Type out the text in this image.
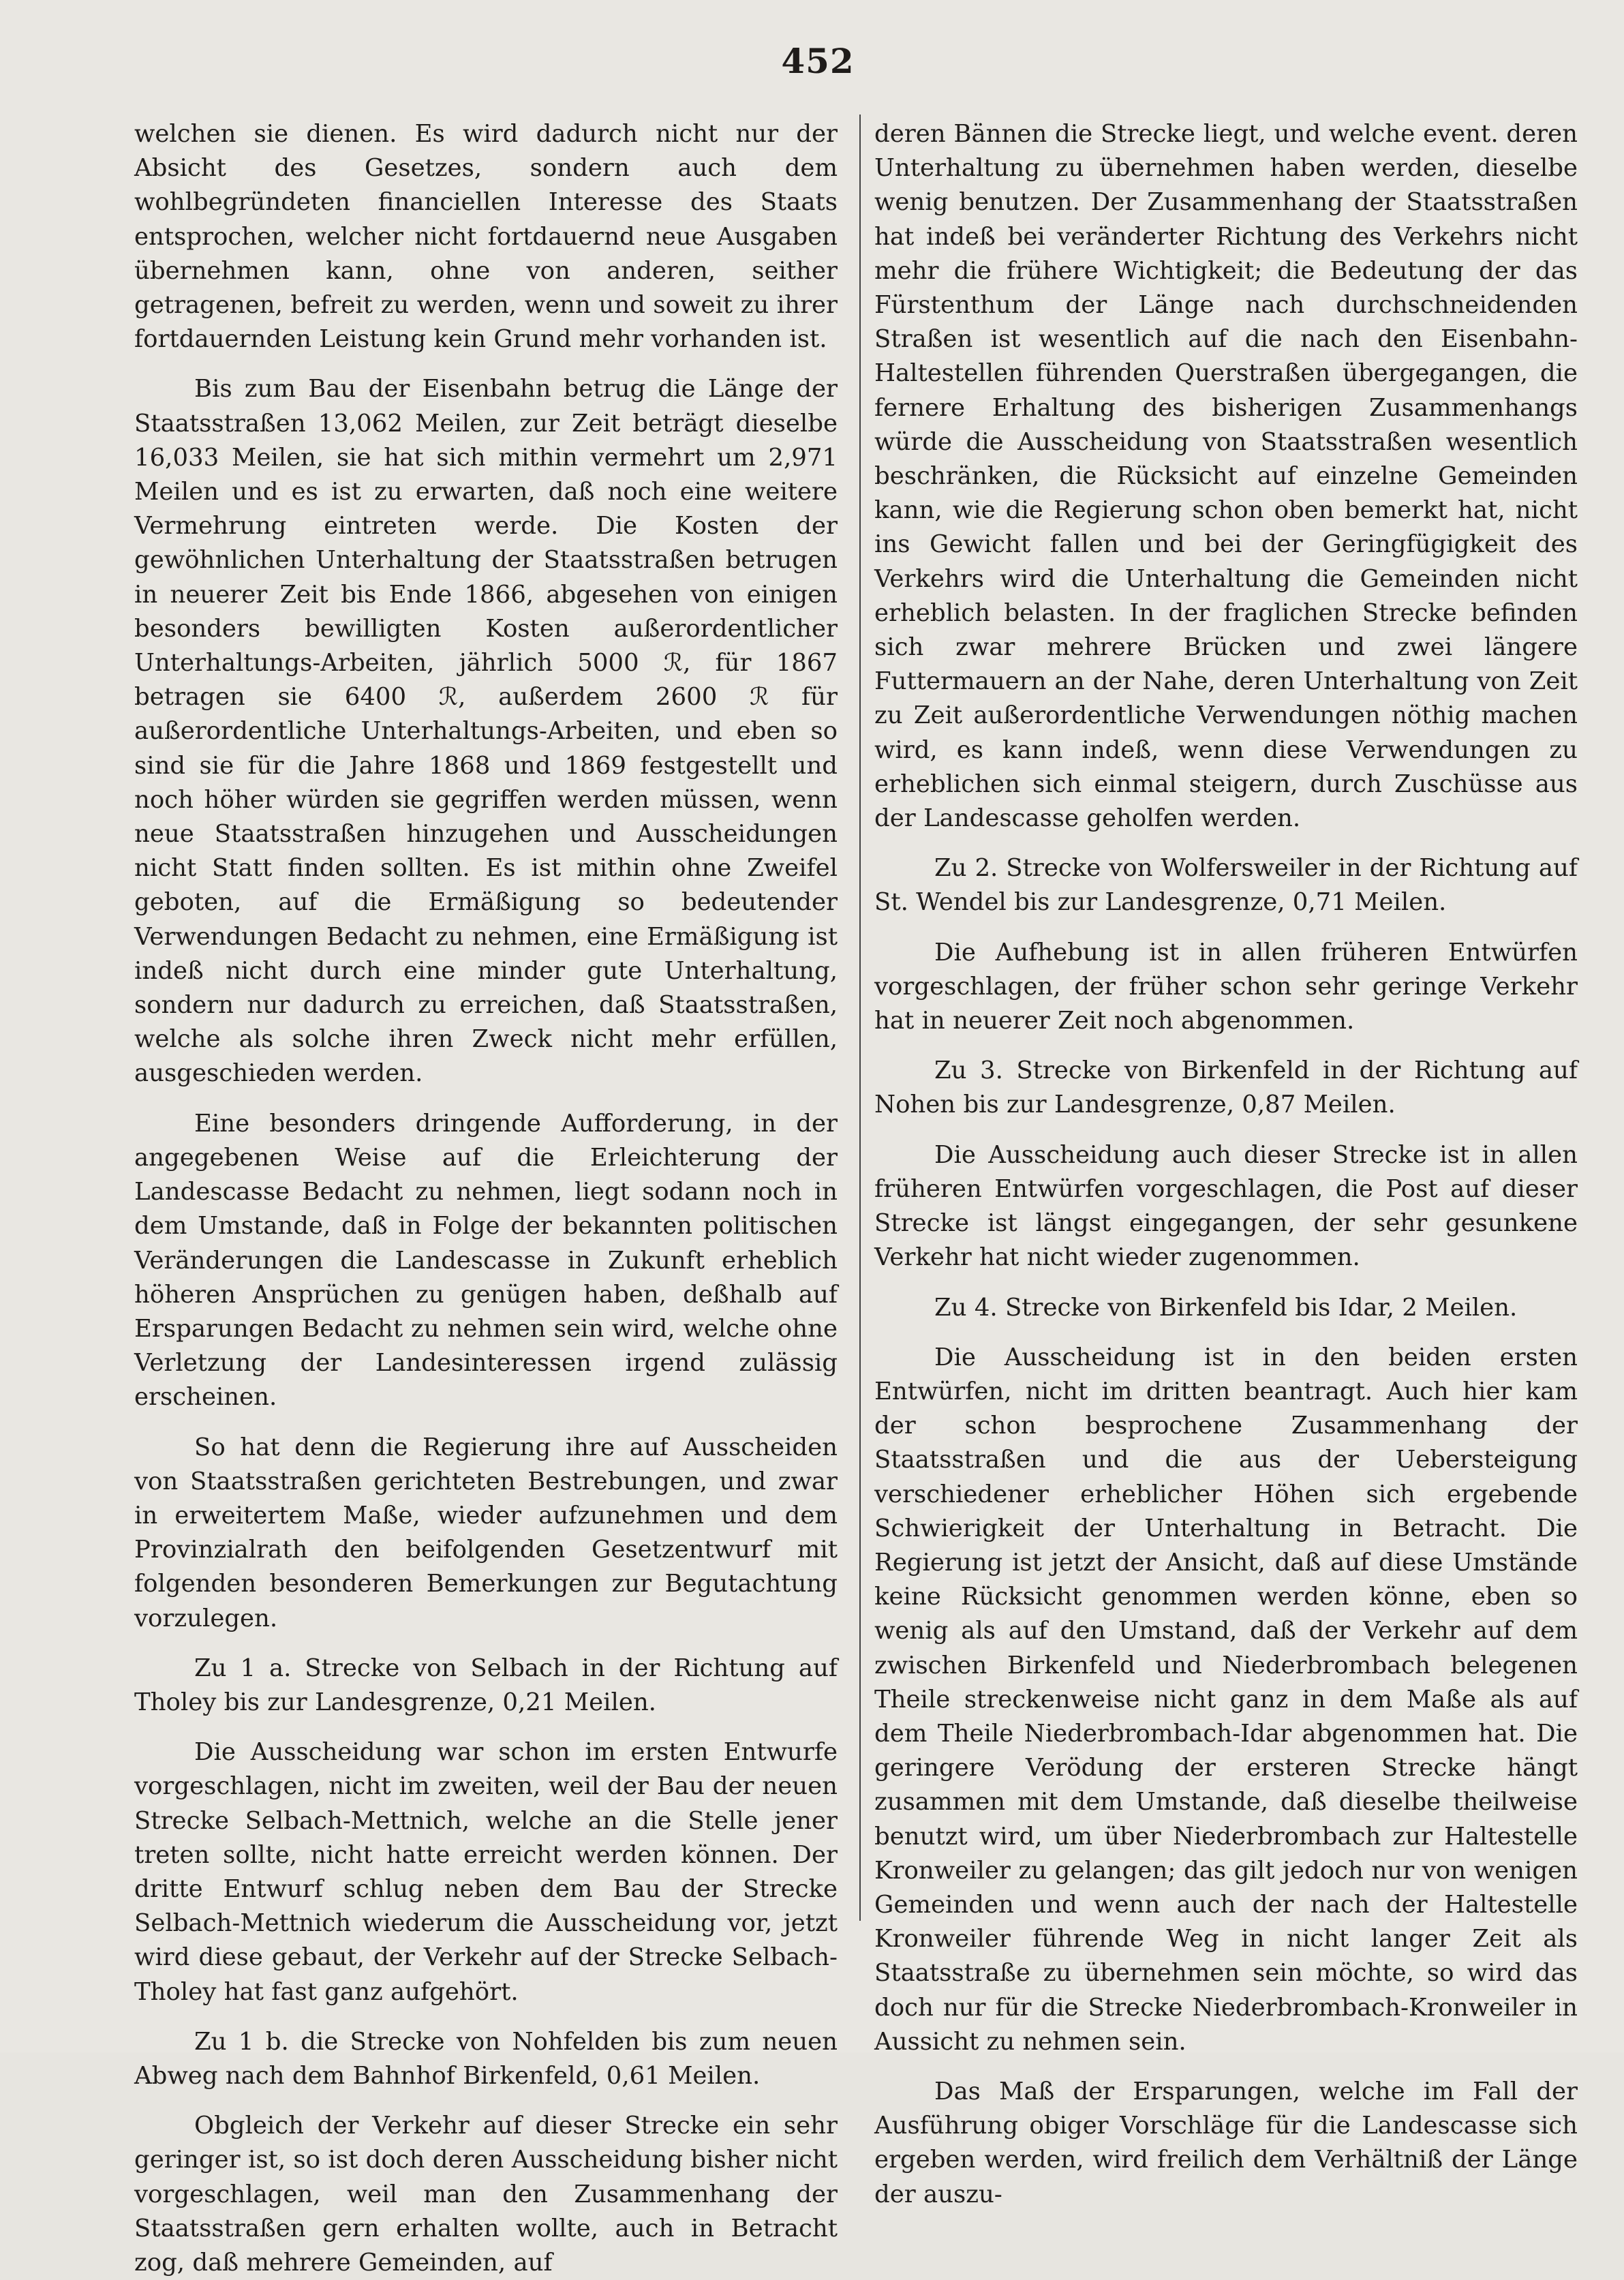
452

welchen sie dienen. Es wird dadurch nicht nur der Absicht des Gesetzes, sondern auch dem wohlbegründeten financiellen Interesse des Staats entsprochen, welcher nicht fortdauernd neue Ausgaben übernehmen kann, ohne von anderen, seither getragenen, befreit zu werden, wenn und soweit zu ihrer fortdauernden Leistung kein Grund mehr vorhanden ist.

Bis zum Bau der Eisenbahn betrug die Länge der Staatsstraßen 13,062 Meilen, zur Zeit beträgt dieselbe 16,033 Meilen, sie hat sich mithin vermehrt um 2,971 Meilen und es ist zu erwarten, daß noch eine weitere Vermehrung eintreten werde. Die Kosten der gewöhnlichen Unterhaltung der Staatsstraßen betrugen in neuerer Zeit bis Ende 1866, abgesehen von einigen besonders bewilligten Kosten außerordentlicher Unterhaltungs-Arbeiten, jährlich 5000 ℛ, für 1867 betragen sie 6400 ℛ, außerdem 2600 ℛ für außerordentliche Unterhaltungs-Arbeiten, und eben so sind sie für die Jahre 1868 und 1869 festgestellt und noch höher würden sie gegriffen werden müssen, wenn neue Staatsstraßen hinzugehen und Ausscheidungen nicht Statt finden sollten. Es ist mithin ohne Zweifel geboten, auf die Ermäßigung so bedeutender Verwendungen Bedacht zu nehmen, eine Ermäßigung ist indeß nicht durch eine minder gute Unterhaltung, sondern nur dadurch zu erreichen, daß Staatsstraßen, welche als solche ihren Zweck nicht mehr erfüllen, ausgeschieden werden.

Eine besonders dringende Aufforderung, in der angegebenen Weise auf die Erleichterung der Landescasse Bedacht zu nehmen, liegt sodann noch in dem Umstande, daß in Folge der bekannten politischen Veränderungen die Landescasse in Zukunft erheblich höheren Ansprüchen zu genügen haben, deßhalb auf Ersparungen Bedacht zu nehmen sein wird, welche ohne Verletzung der Landesinteressen irgend zulässig erscheinen.

So hat denn die Regierung ihre auf Ausscheiden von Staatsstraßen gerichteten Bestrebungen, und zwar in erweitertem Maße, wieder aufzunehmen und dem Provinzialrath den beifolgenden Gesetzentwurf mit folgenden besonderen Bemerkungen zur Begutachtung vorzulegen.

Zu 1 a. Strecke von Selbach in der Richtung auf Tholey bis zur Landesgrenze, 0,21 Meilen.

Die Ausscheidung war schon im ersten Entwurfe vorgeschlagen, nicht im zweiten, weil der Bau der neuen Strecke Selbach-Mettnich, welche an die Stelle jener treten sollte, nicht hatte erreicht werden können. Der dritte Entwurf schlug neben dem Bau der Strecke Selbach-Mettnich wiederum die Ausscheidung vor, jetzt wird diese gebaut, der Verkehr auf der Strecke Selbach-Tholey hat fast ganz aufgehört.

Zu 1 b. die Strecke von Nohfelden bis zum neuen Abweg nach dem Bahnhof Birkenfeld, 0,61 Meilen.

Obgleich der Verkehr auf dieser Strecke ein sehr geringer ist, so ist doch deren Ausscheidung bisher nicht vorgeschlagen, weil man den Zusammenhang der Staatsstraßen gern erhalten wollte, auch in Betracht zog, daß mehrere Gemeinden, auf

deren Bännen die Strecke liegt, und welche event. deren Unterhaltung zu übernehmen haben werden, dieselbe wenig benutzen. Der Zusammenhang der Staatsstraßen hat indeß bei veränderter Richtung des Verkehrs nicht mehr die frühere Wichtigkeit; die Bedeutung der das Fürstenthum der Länge nach durchschneidenden Straßen ist wesentlich auf die nach den Eisenbahn-Haltestellen führenden Querstraßen übergegangen, die fernere Erhaltung des bisherigen Zusammenhangs würde die Ausscheidung von Staatsstraßen wesentlich beschränken, die Rücksicht auf einzelne Gemeinden kann, wie die Regierung schon oben bemerkt hat, nicht ins Gewicht fallen und bei der Geringfügigkeit des Verkehrs wird die Unterhaltung die Gemeinden nicht erheblich belasten. In der fraglichen Strecke befinden sich zwar mehrere Brücken und zwei längere Futtermauern an der Nahe, deren Unterhaltung von Zeit zu Zeit außerordentliche Verwendungen nöthig machen wird, es kann indeß, wenn diese Verwendungen zu erheblichen sich einmal steigern, durch Zuschüsse aus der Landescasse geholfen werden.

Zu 2. Strecke von Wolfersweiler in der Richtung auf St. Wendel bis zur Landesgrenze, 0,71 Meilen.

Die Aufhebung ist in allen früheren Entwürfen vorgeschlagen, der früher schon sehr geringe Verkehr hat in neuerer Zeit noch abgenommen.

Zu 3. Strecke von Birkenfeld in der Richtung auf Nohen bis zur Landesgrenze, 0,87 Meilen.

Die Ausscheidung auch dieser Strecke ist in allen früheren Entwürfen vorgeschlagen, die Post auf dieser Strecke ist längst eingegangen, der sehr gesunkene Verkehr hat nicht wieder zugenommen.

Zu 4. Strecke von Birkenfeld bis Idar, 2 Meilen.

Die Ausscheidung ist in den beiden ersten Entwürfen, nicht im dritten beantragt. Auch hier kam der schon besprochene Zusammenhang der Staatsstraßen und die aus der Uebersteigung verschiedener erheblicher Höhen sich ergebende Schwierigkeit der Unterhaltung in Betracht. Die Regierung ist jetzt der Ansicht, daß auf diese Umstände keine Rücksicht genommen werden könne, eben so wenig als auf den Umstand, daß der Verkehr auf dem zwischen Birkenfeld und Niederbrombach belegenen Theile streckenweise nicht ganz in dem Maße als auf dem Theile Niederbrombach-Idar abgenommen hat. Die geringere Verödung der ersteren Strecke hängt zusammen mit dem Umstande, daß dieselbe theilweise benutzt wird, um über Niederbrombach zur Haltestelle Kronweiler zu gelangen; das gilt jedoch nur von wenigen Gemeinden und wenn auch der nach der Haltestelle Kronweiler führende Weg in nicht langer Zeit als Staatsstraße zu übernehmen sein möchte, so wird das doch nur für die Strecke Niederbrombach-Kronweiler in Aussicht zu nehmen sein.

Das Maß der Ersparungen, welche im Fall der Ausführung obiger Vorschläge für die Landescasse sich ergeben werden, wird freilich dem Verhältniß der Länge der auszu-
